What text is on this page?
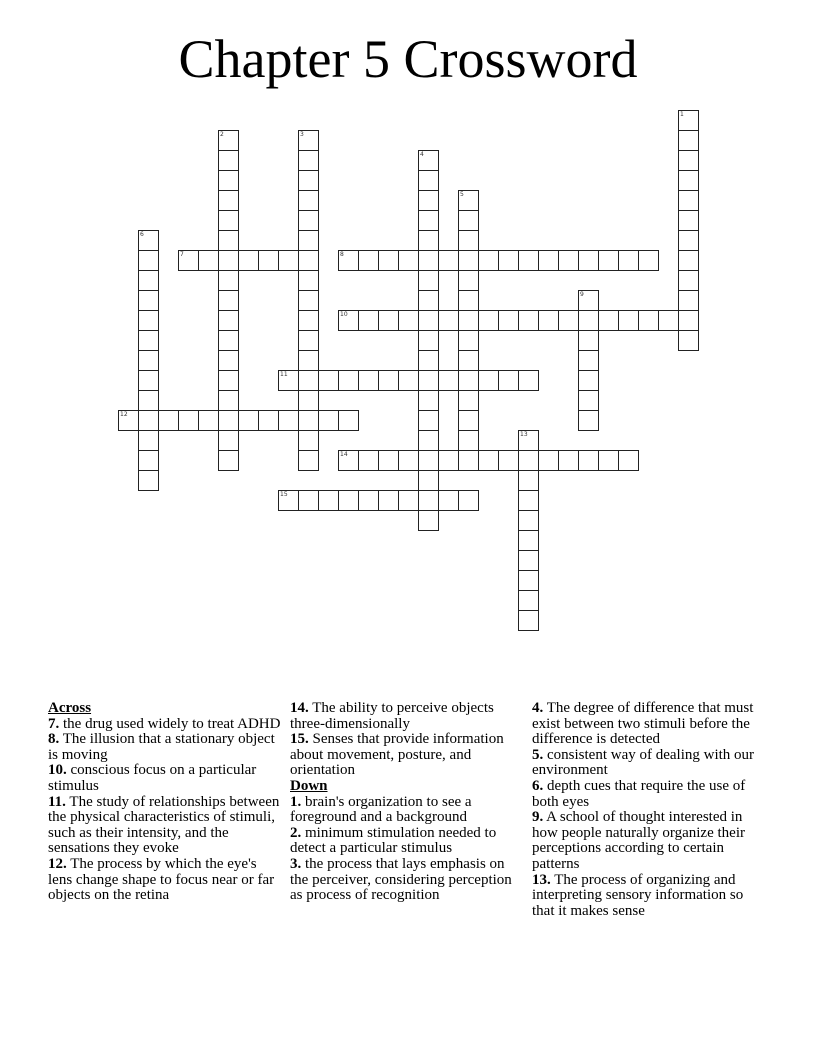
Chapter 5 Crossword
1
2	3
4
5
6
7	8
9
10
11
12
13
14
15
Across
7. the drug used widely to treat ADHD
8. The illusion that a stationary object is moving
10. conscious focus on a particular stimulus
11. The study of relationships between the physical characteristics of stimuli, such as their intensity, and the sensations they evoke
12. The process by which the eye's lens change shape to focus near or far objects on the retina
14. The ability to perceive objects three-dimensionally
15. Senses that provide information about movement, posture, and orientation
Down
1. brain's organization to see a foreground and a background
2. minimum stimulation needed to detect a particular stimulus
3. the process that lays emphasis on the perceiver, considering perception as process of recognition
4. The degree of difference that must exist between two stimuli before the difference is detected
5. consistent way of dealing with our environment
6. depth cues that require the use of both eyes
9. A school of thought interested in how people naturally organize their perceptions according to certain patterns
13. The process of organizing and interpreting sensory information so that it makes sense
